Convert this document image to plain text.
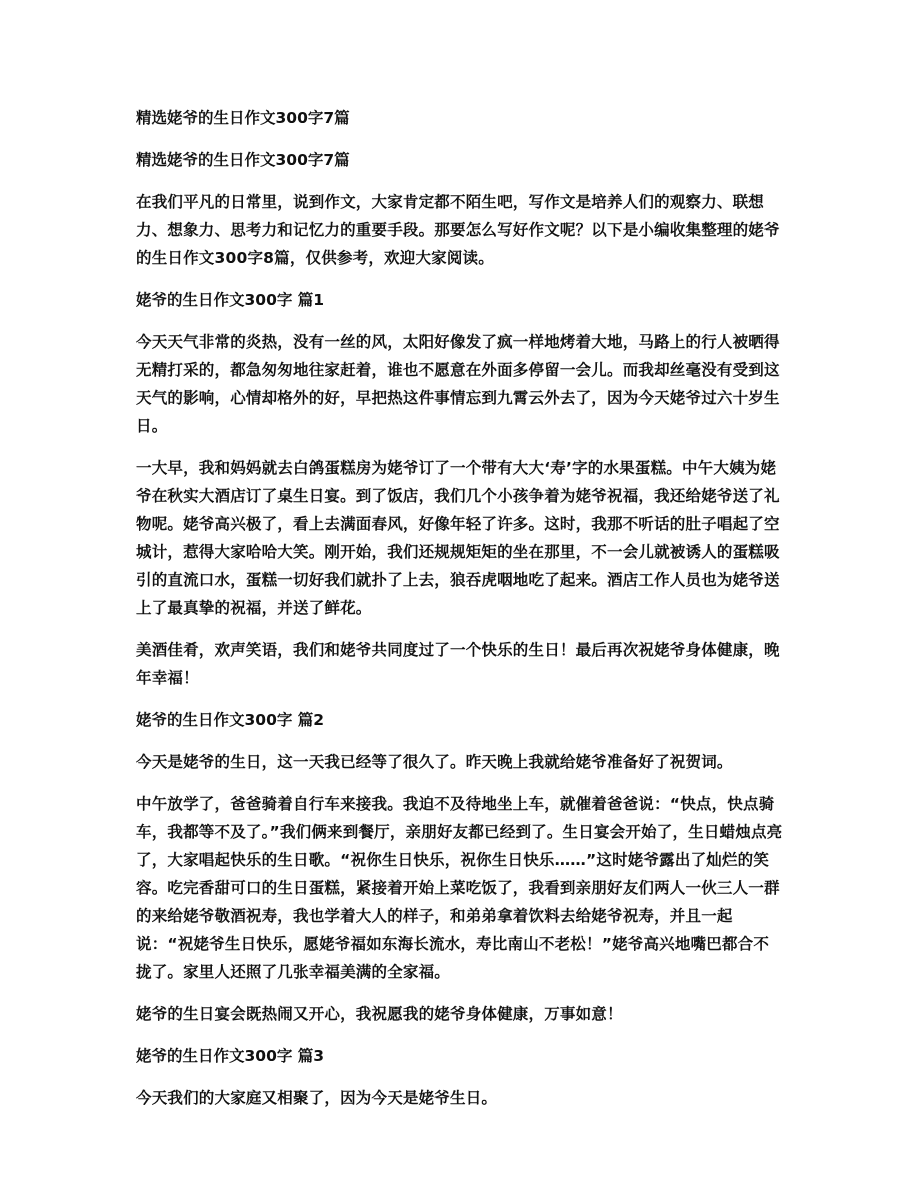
精选姥爷的生日作文300字7篇

精选姥爷的生日作文300字7篇

在我们平凡的日常里，说到作文，大家肯定都不陌生吧，写作文是培养人们的观察力、联想力、想象力、思考力和记忆力的重要手段。那要怎么写好作文呢？以下是小编收集整理的姥爷的生日作文300字8篇，仅供参考，欢迎大家阅读。

姥爷的生日作文300字 篇1

今天天气非常的炎热，没有一丝的风，太阳好像发了疯一样地烤着大地，马路上的行人被晒得无精打采的，都急匆匆地往家赶着，谁也不愿意在外面多停留一会儿。而我却丝毫没有受到这天气的影响，心情却格外的好，早把热这件事情忘到九霄云外去了，因为今天姥爷过六十岁生日。

一大早，我和妈妈就去白鸽蛋糕房为姥爷订了一个带有大大‘寿’字的水果蛋糕。中午大姨为姥爷在秋实大酒店订了桌生日宴。到了饭店，我们几个小孩争着为姥爷祝福，我还给姥爷送了礼物呢。姥爷高兴极了，看上去满面春风，好像年轻了许多。这时，我那不听话的肚子唱起了空城计，惹得大家哈哈大笑。刚开始，我们还规规矩矩的坐在那里，不一会儿就被诱人的蛋糕吸引的直流口水，蛋糕一切好我们就扑了上去，狼吞虎咽地吃了起来。酒店工作人员也为姥爷送上了最真挚的祝福，并送了鲜花。

美酒佳肴，欢声笑语，我们和姥爷共同度过了一个快乐的生日！最后再次祝姥爷身体健康，晚年幸福！

姥爷的生日作文300字 篇2

今天是姥爷的生日，这一天我已经等了很久了。昨天晚上我就给姥爷准备好了祝贺词。

中午放学了，爸爸骑着自行车来接我。我迫不及待地坐上车，就催着爸爸说：“快点，快点骑车，我都等不及了。”我们俩来到餐厅，亲朋好友都已经到了。生日宴会开始了，生日蜡烛点亮了，大家唱起快乐的生日歌。“祝你生日快乐，祝你生日快乐……”这时姥爷露出了灿烂的笑容。吃完香甜可口的生日蛋糕，紧接着开始上菜吃饭了，我看到亲朋好友们两人一伙三人一群的来给姥爷敬酒祝寿，我也学着大人的样子，和弟弟拿着饮料去给姥爷祝寿，并且一起说：“祝姥爷生日快乐，愿姥爷福如东海长流水，寿比南山不老松！”姥爷高兴地嘴巴都合不拢了。家里人还照了几张幸福美满的全家福。

姥爷的生日宴会既热闹又开心，我祝愿我的姥爷身体健康，万事如意！

姥爷的生日作文300字 篇3

今天我们的大家庭又相聚了，因为今天是姥爷生日。
